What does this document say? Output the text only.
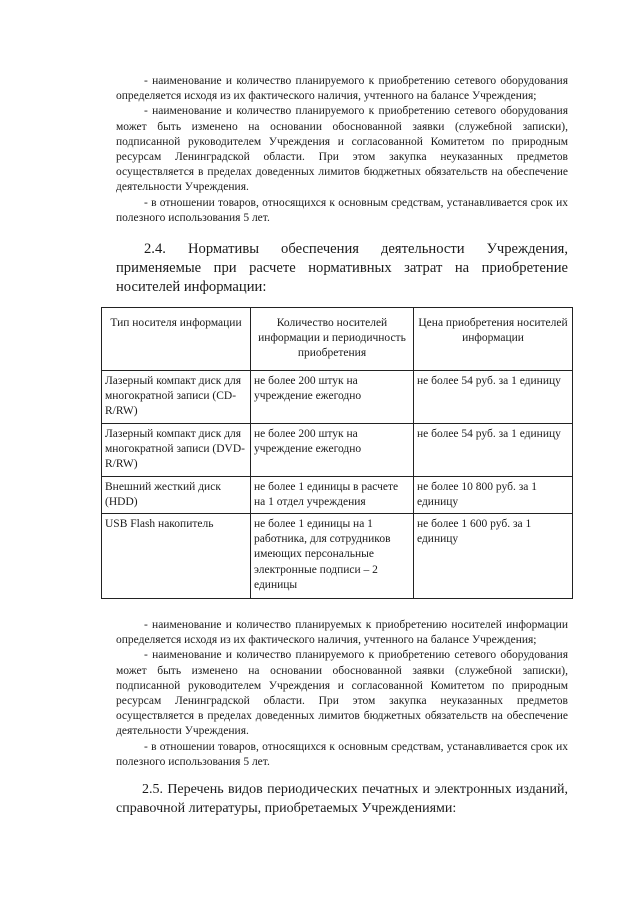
- наименование и количество планируемого к приобретению сетевого оборудования определяется исходя из их фактического наличия, учтенного на балансе Учреждения;

- наименование и количество планируемого к приобретению сетевого оборудования может быть изменено на основании обоснованной заявки (служебной записки), подписанной руководителем Учреждения и согласованной Комитетом по природным ресурсам Ленинградской области. При этом закупка неуказанных предметов осуществляется в пределах доведенных лимитов бюджетных обязательств на обеспечение деятельности Учреждения.

- в отношении товаров, относящихся к основным средствам, устанавливается срок их полезного использования 5 лет.

2.4. Нормативы обеспечения деятельности Учреждения, применяемые при расчете нормативных затрат на приобретение носителей информации:

Тип носителя информации	Количество носителей информации и периодичность приобретения	Цена приобретения носителей информации
Лазерный компакт диск для многократной записи (CD-R/RW)	не более 200 штук на учреждение ежегодно	не более 54 руб. за 1 единицу
Лазерный компакт диск для многократной записи (DVD-R/RW)	не более 200 штук на учреждение ежегодно	не более 54 руб. за 1 единицу
Внешний жесткий диск (HDD)	не более 1 единицы в расчете на 1 отдел учреждения	не более 10 800 руб. за 1 единицу
USB Flash накопитель	не более 1 единицы на 1 работника, для сотрудников имеющих персональные электронные подписи – 2 единицы	не более 1 600 руб. за 1 единицу

- наименование и количество планируемых к приобретению носителей информации определяется исходя из их фактического наличия, учтенного на балансе Учреждения;

- наименование и количество планируемого к приобретению сетевого оборудования может быть изменено на основании обоснованной заявки (служебной записки), подписанной руководителем Учреждения и согласованной Комитетом по природным ресурсам Ленинградской области. При этом закупка неуказанных предметов осуществляется в пределах доведенных лимитов бюджетных обязательств на обеспечение деятельности Учреждения.

- в отношении товаров, относящихся к основным средствам, устанавливается срок их полезного использования 5 лет.

2.5. Перечень видов периодических печатных и электронных изданий, справочной литературы, приобретаемых Учреждениями:
